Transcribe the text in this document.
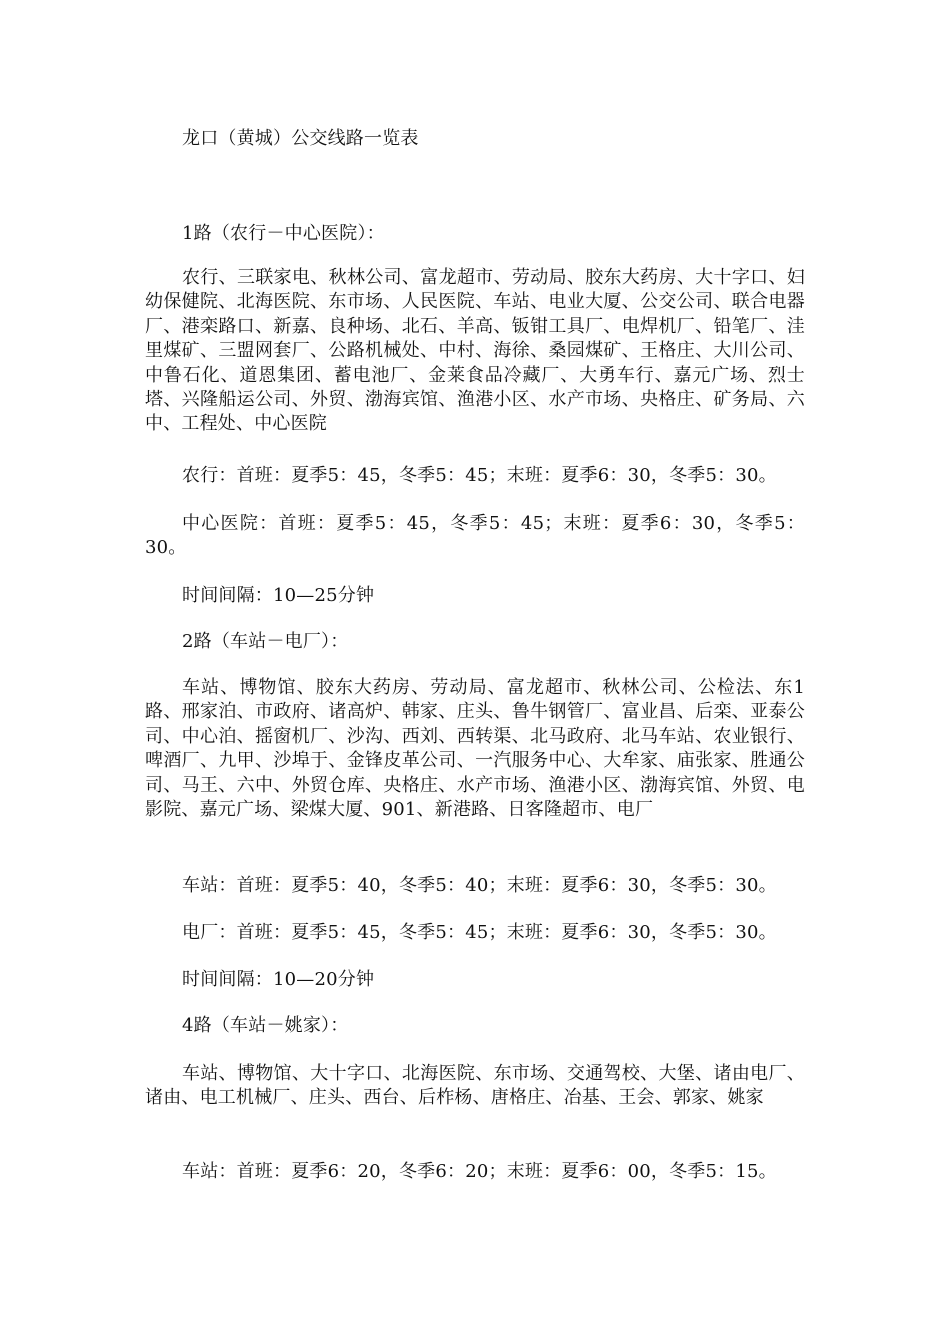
龙口（黄城）公交线路一览表
1路（农行－中心医院）：

农行、三联家电、秋林公司、富龙超市、劳动局、胶东大药房、大十字口、妇幼保健院、北海医院、东市场、人民医院、车站、电业大厦、公交公司、联合电器厂、港栾路口、新嘉、良种场、北石、羊高、钣钳工具厂、电焊机厂、铅笔厂、洼里煤矿、三盟网套厂、公路机械处、中村、海徐、桑园煤矿、王格庄、大川公司、中鲁石化、道恩集团、蓄电池厂、金莱食品冷藏厂、大勇车行、嘉元广场、烈士塔、兴隆船运公司、外贸、渤海宾馆、渔港小区、水产市场、央格庄、矿务局、六中、工程处、中心医院

农行：首班：夏季5：45，冬季5：45；末班：夏季6：30，冬季5：30。

中心医院：首班：夏季5：45，冬季5：45；末班：夏季6：30，冬季5：30。

时间间隔：10—25分钟
2路（车站－电厂）：

车站、博物馆、胶东大药房、劳动局、富龙超市、秋林公司、公检法、东1路、邢家泊、市政府、诸高炉、韩家、庄头、鲁牛钢管厂、富业昌、后栾、亚泰公司、中心泊、摇窗机厂、沙沟、西刘、西转渠、北马政府、北马车站、农业银行、啤酒厂、九甲、沙埠于、金锋皮革公司、一汽服务中心、大牟家、庙张家、胜通公司、马王、六中、外贸仓库、央格庄、水产市场、渔港小区、渤海宾馆、外贸、电影院、嘉元广场、梁煤大厦、901、新港路、日客隆超市、电厂

车站：首班：夏季5：40，冬季5：40；末班：夏季6：30，冬季5：30。
电厂：首班：夏季5：45，冬季5：45；末班：夏季6：30，冬季5：30。
时间间隔：10—20分钟
4路（车站－姚家）：

车站、博物馆、大十字口、北海医院、东市场、交通驾校、大堡、诸由电厂、诸由、电工机械厂、庄头、西台、后柞杨、唐格庄、冶基、王会、郭家、姚家

车站：首班：夏季6：20，冬季6：20；末班：夏季6：00，冬季5：15。
